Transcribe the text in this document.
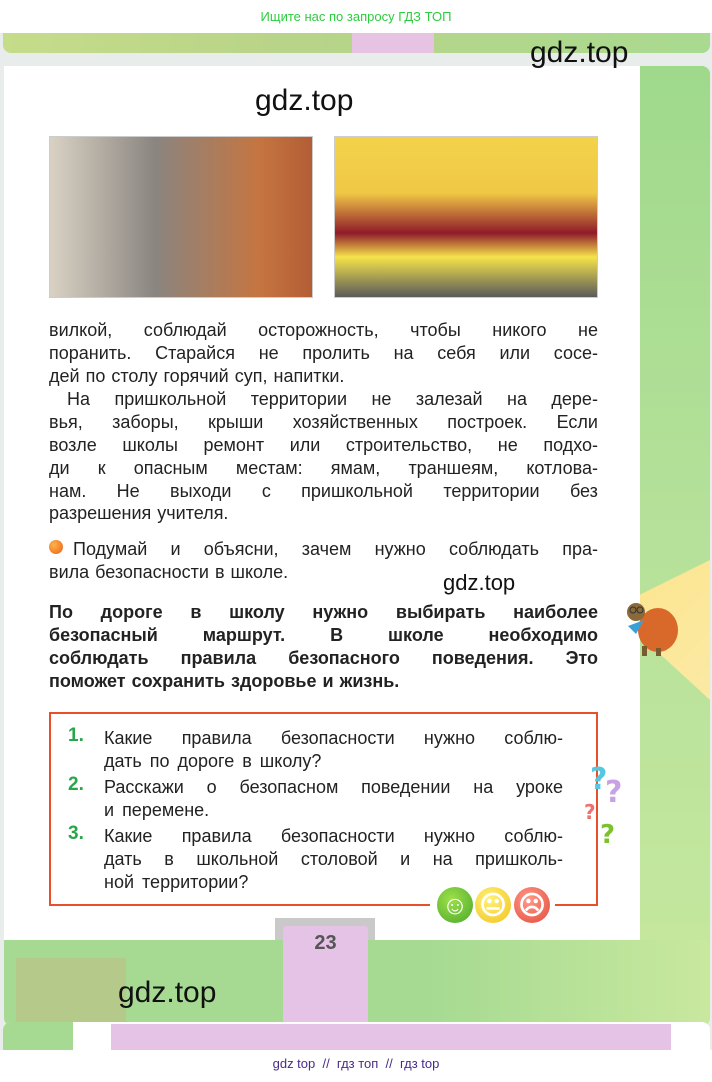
Ищите нас по запросу ГДЗ ТОП
gdz.top
gdz.top
вилкой, соблюдай осторожность, чтобы никого не
поранить. Старайся не пролить на себя или сосе-
дей по столу горячий суп, напитки.
На пришкольной территории не залезай на дере-
вья, заборы, крыши хозяйственных построек. Если
возле школы ремонт или строительство, не подхо-
ди к опасным местам: ямам, траншеям, котлова-
нам. Не выходи с пришкольной территории без
разрешения учителя.
Подумай и объясни, зачем нужно соблюдать пра-
вила безопасности в школе.
По дороге в школу нужно выбирать наиболее
безопасный маршрут. В школе необходимо
соблюдать правила безопасного поведения. Это
поможет сохранить здоровье и жизнь.
1. Какие правила безопасности нужно соблю-
дать по дороге в школу?
2. Расскажи о безопасном поведении на уроке
и перемене.
3. Какие правила безопасности нужно соблю-
дать в школьной столовой и на пришколь-
ной территории?
gdz.top
?
?
?
?
☺ 😐︎ ☹
23
gdz.top
gdz top  //  гдз топ  //  гдз top
